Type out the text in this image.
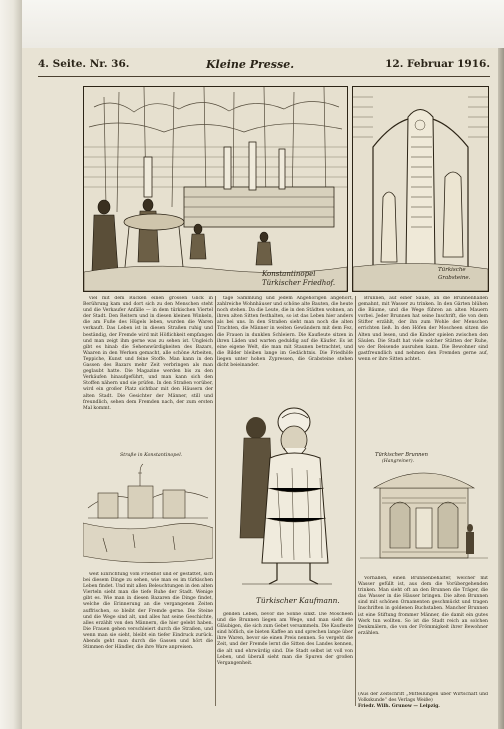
4. Seite. Nr. 36.	Kleine Presse.	12. Februar 1916.
Konstantinopel
Türkischer Friedhof.
Türkische
Grabsteine.

viel mit dem Rücken einen grossen Glick in Berührung kam und dort sich zu den Menschen steht und die Verkaufer Anfälle — in dem türkischen Viertel der Stadt. Den Reitern und in diesen kleinen Winkeln, die am Fuße des Hügels leben, wurden die Waren verkauft. Das Leben ist in diesen Straßen ruhig und beständig, der Fremde wird mit Höflichkeit empfangen und man zeigt ihm gerne was zu sehen ist. Ungleich gibt es hinab die Sehenswürdigkeiten des Bazars, Waaren in den Werken gemacht, alle schöne Arbeiten, Teppiche, Kunst und feine Stoffe. Man kann in den Gassen des Bazars mehr Zeit verbringen als man geglaubt hatte. Die Magazine werden bis zu den Verkäufen hinaufgeführt, und man kann sich den Stoffen nähern und sie prüfen. In den Straßen vorüber, wird ein großer Platz sichtbar mit den Häusern der alten Stadt. Die Gesichter der Männer, still und freundlich, sehen dem Fremden nach, der zum ersten Mal kommt.

täge Sammlung und jedem Angehörigen angehört, zahlreiche Wohnhäuser und schöne alte Bauten, die heute noch stehen. Da die Leute, die in den Städten wohnen, an ihren alten Sitten festhalten, so ist das Leben hier anders als bei uns. In den Straßen sieht man noch die alten Trachten, die Männer in weiten Gewändern mit dem Fez, die Frauen in dunklen Schleiern. Die Kaufleute sitzen in ihren Läden und warten geduldig auf die Käufer. Es ist eine eigene Welt, die man mit Staunen betrachtet, und die Bilder bleiben lange im Gedächtnis. Die Friedhöfe liegen unter hohen Zypressen, die Grabsteine stehen dicht beieinander.

Brunnen, auf einer Säule, an die Brunnenhallen gemahnt, mit Wasser zu trinken. In den Gärten blühen die Bäume, und die Wege führen an alten Mauern vorbei. Jeder Brunnen hat seine Inschrift, die von dem Stifter erzählt, der ihn zum Wohle der Menschen errichten ließ. In den Höfen der Moscheen sitzen die Alten und lesen, und die Kinder spielen zwischen den Säulen. Die Stadt hat viele solcher Stätten der Ruhe, wo der Reisende ausruhen kann. Die Bewohner sind gastfreundlich und nehmen den Fremden gerne auf, wenn er ihre Sitten achtet.

Straße in Konstantinopel.

weit Einrichtung vom Friedhof und er gestattet, sich bei diesem Dinge zu sehen, wie man es im türkischen Leben findet. Und mit allen Beleuchtungen in den alten Vierteln sieht man die tiefe Ruhe der Stadt. Wenige gibt es. Wie man in diesen Bazaren die Dinge findet, welche die Erinnerung an die vergangenen Zeiten auffrischen, so bleibt der Fremde gerne. Die Steine und die Wege sind alt, und alles hat seine Geschichte, alles erzählt von den Männern, die hier gelebt haben. Die Frauen gehen verschleiert durch die Straßen, und wenn man sie sieht, bleibt ein tiefer Eindruck zurück. Abends geht man durch die Gassen und hört die Stimmen der Händler, die ihre Ware anpreisen.

Türkischer Kaufmann.

genden Leben, bevor die Sonne sinkt. Die Moscheen und die Brunnen liegen am Wege, und man sieht die Gläubigen, die sich zum Gebet versammeln. Die Kaufleute sind höflich, sie bieten Kaffee an und sprechen lange über ihre Waren, bevor sie einen Preis nennen. So vergeht die Zeit, und der Fremde lernt die Sitten des Landes kennen, die alt und ehrwürdig sind. Die Stadt selbst ist voll von Leben, und überall sieht man die Spuren der großen Vergangenheit.

Türkischer Brunnen
(Hangreiner).

Vorhallen, einen Brunnenbehälter, welcher mit Wasser gefüllt ist, aus dem die Vorübergehenden trinken. Man sieht oft an den Brunnen die Träger, die das Wasser in die Häuser bringen. Die alten Brunnen sind mit schönen Ornamenten geschmückt und tragen Inschriften in goldenen Buchstaben. Mancher Brunnen ist eine Stiftung frommer Männer, die damit ein gutes Werk tun wollten. So ist die Stadt reich an solchen Denkmälern, die von der Frömmigkeit ihrer Bewohner erzählen.

(Aus der Zeitschrift „Mitteilungen über Wirtschaft und Volkskunde“ des Verlags Weiße)

Friedr. Wilh. Grunow — Leipzig.
